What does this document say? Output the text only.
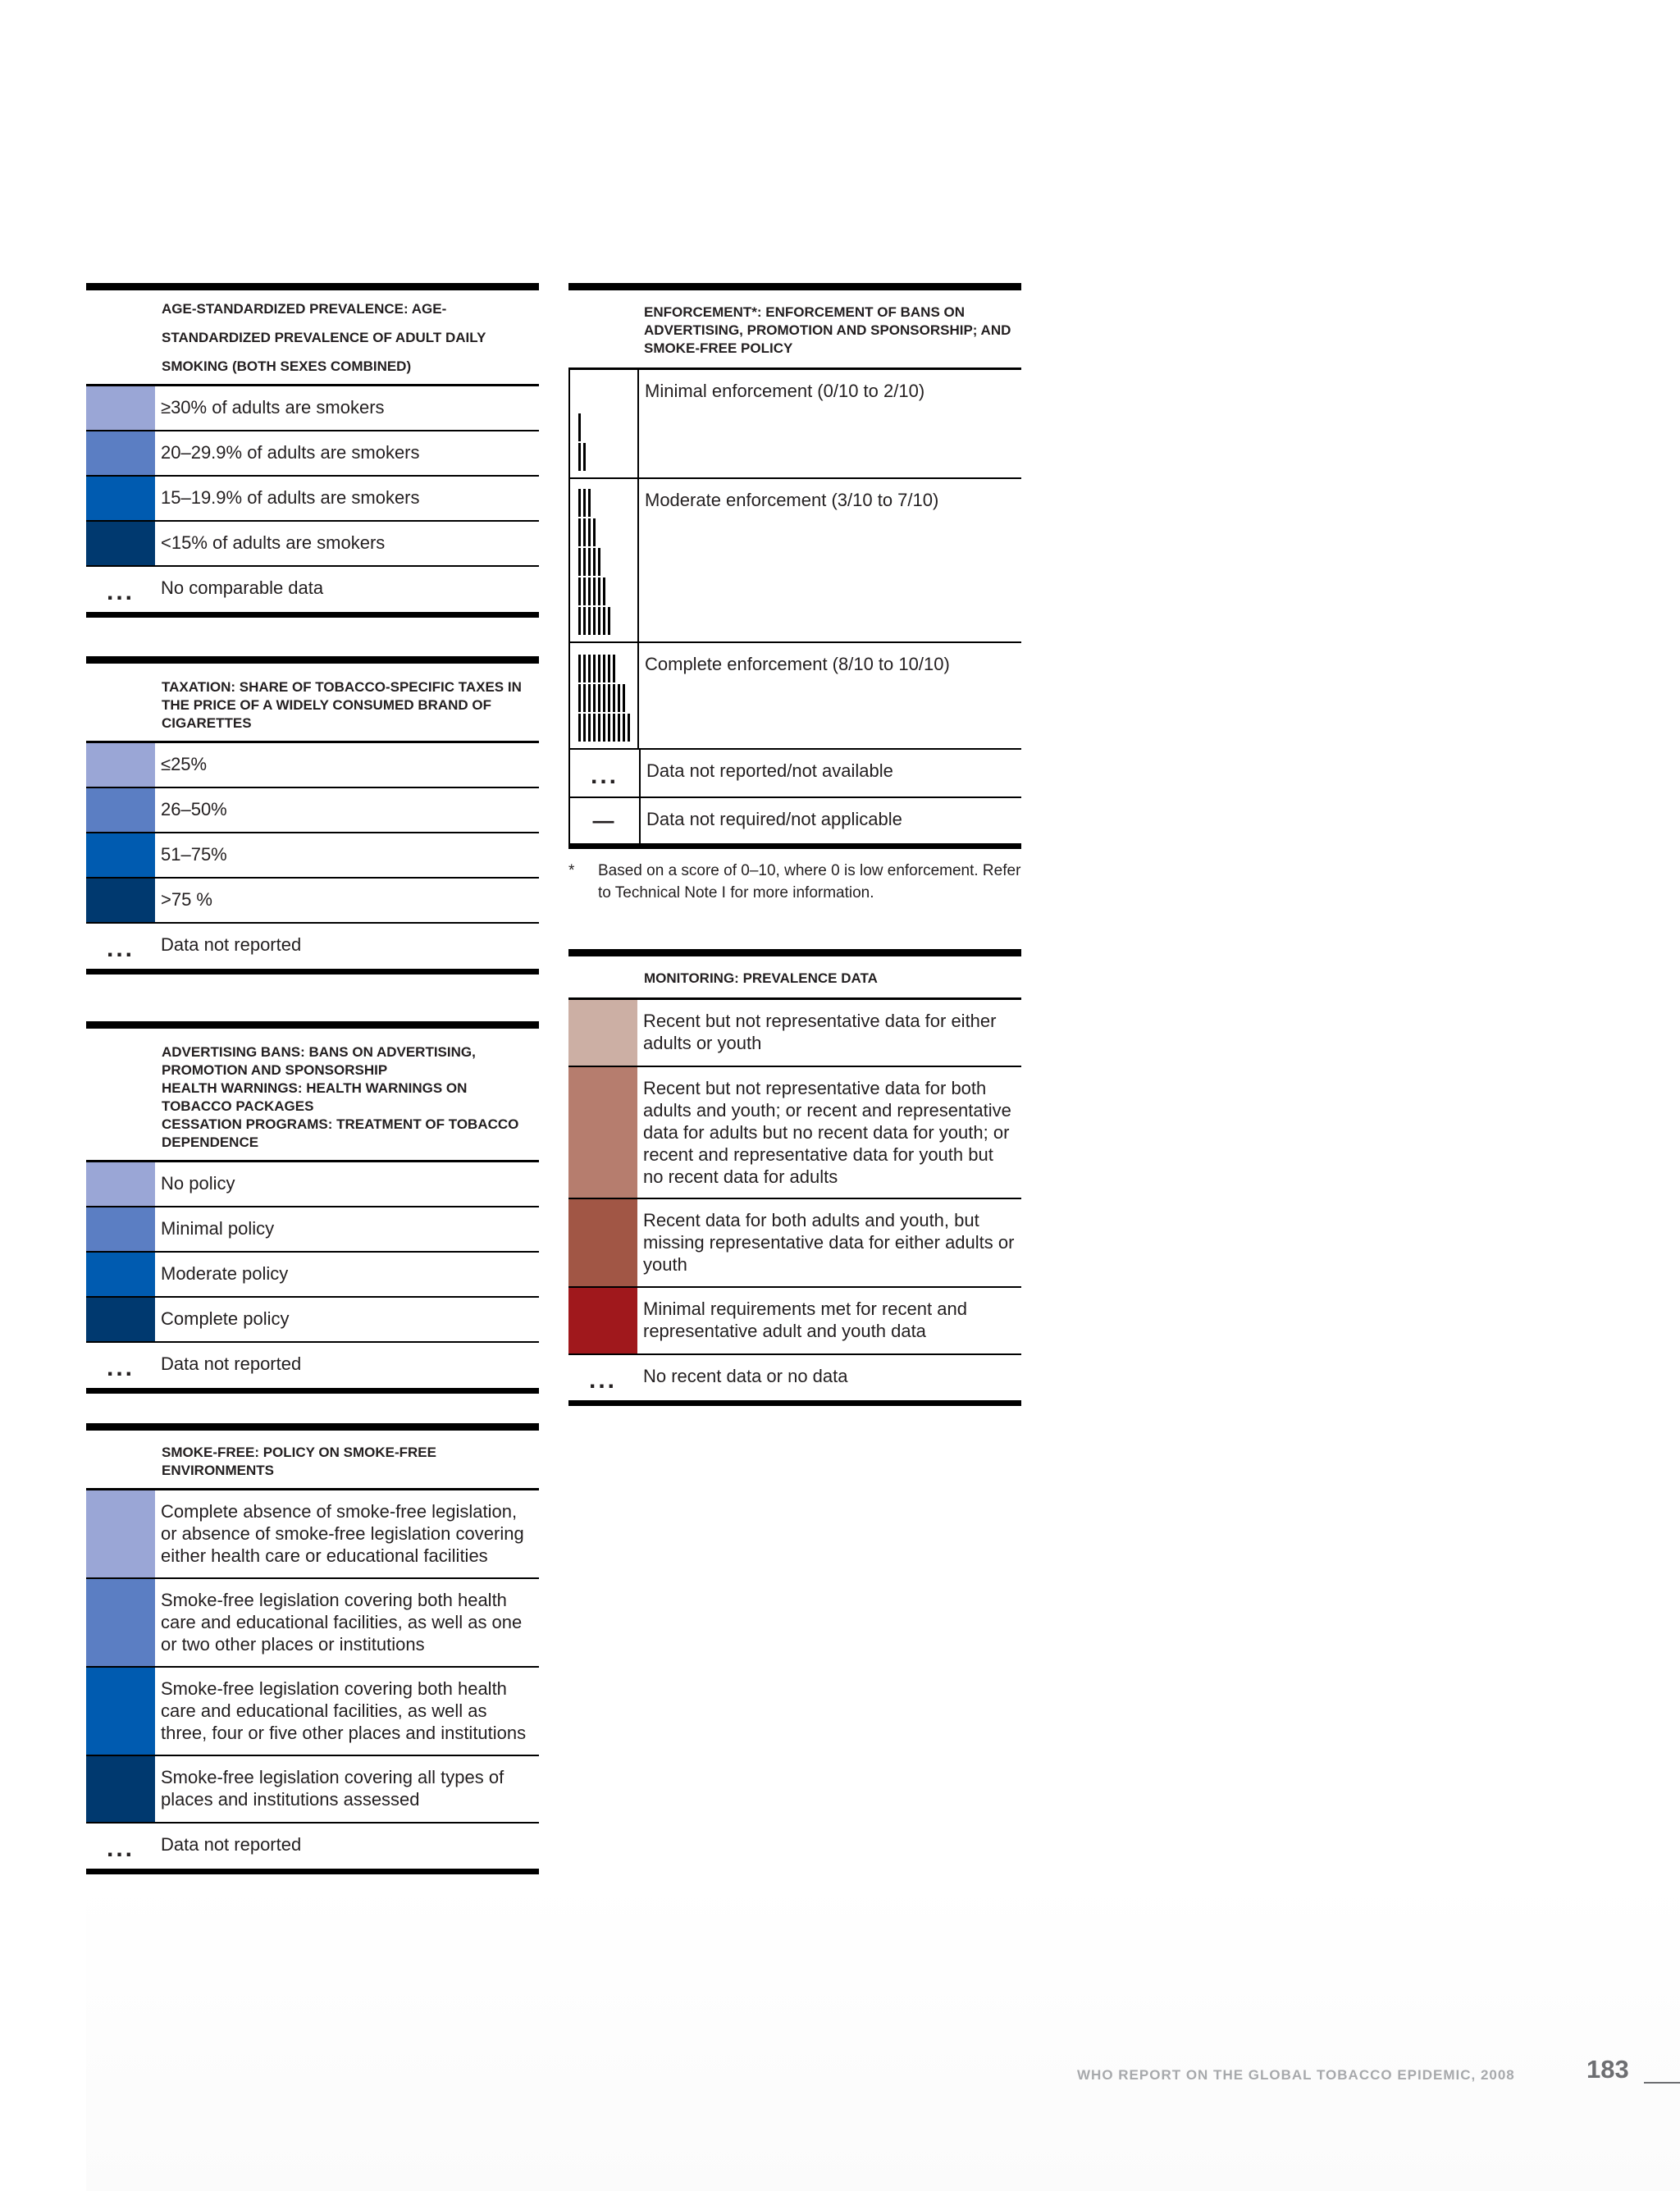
AGE-STANDARDIZED PREVALENCE: AGE-STANDARDIZED PREVALENCE OF ADULT DAILY SMOKING (BOTH SEXES COMBINED)
≥30% of adults are smokers
20–29.9% of adults are smokers
15–19.9% of adults are smokers
<15% of adults are smokers
...	No comparable data
TAXATION: SHARE OF TOBACCO-SPECIFIC TAXES IN THE PRICE OF A WIDELY CONSUMED BRAND OF CIGARETTES
≤25%
26–50%
51–75%
>75 %
...	Data not reported
ADVERTISING BANS: BANS ON ADVERTISING, PROMOTION AND SPONSORSHIP
HEALTH WARNINGS: HEALTH WARNINGS ON TOBACCO PACKAGES
CESSATION PROGRAMS: TREATMENT OF TOBACCO DEPENDENCE
No policy
Minimal policy
Moderate policy
Complete policy
...	Data not reported
SMOKE-FREE: POLICY ON SMOKE-FREE ENVIRONMENTS
Complete absence of smoke-free legislation, or absence of smoke-free legislation covering either health care or educational facilities
Smoke-free legislation covering both health care and educational facilities, as well as one or two other places or institutions
Smoke-free legislation covering both health care and educational facilities, as well as three, four or five other places and institutions
Smoke-free legislation covering all types of places and institutions assessed
...	Data not reported
ENFORCEMENT*: ENFORCEMENT OF BANS ON ADVERTISING, PROMOTION AND SPONSORSHIP; AND SMOKE-FREE POLICY
Minimal enforcement (0/10 to 2/10)
Moderate enforcement (3/10 to 7/10)
Complete enforcement (8/10 to 10/10)
...	Data not reported/not available
—	Data not required/not applicable
* Based on a score of 0–10, where 0 is low enforcement. Refer to Technical Note I for more information.
MONITORING: PREVALENCE DATA
Recent but not representative data for either adults or youth
Recent but not representative data for both adults and youth; or recent and representative data for adults but no recent data for youth; or recent and representative data for youth but no recent data for adults
Recent data for both adults and youth, but missing representative data for either adults or youth
Minimal requirements met for recent and representative adult and youth data
...	No recent data or no data
WHO REPORT ON THE GLOBAL TOBACCO EPIDEMIC, 2008	183
